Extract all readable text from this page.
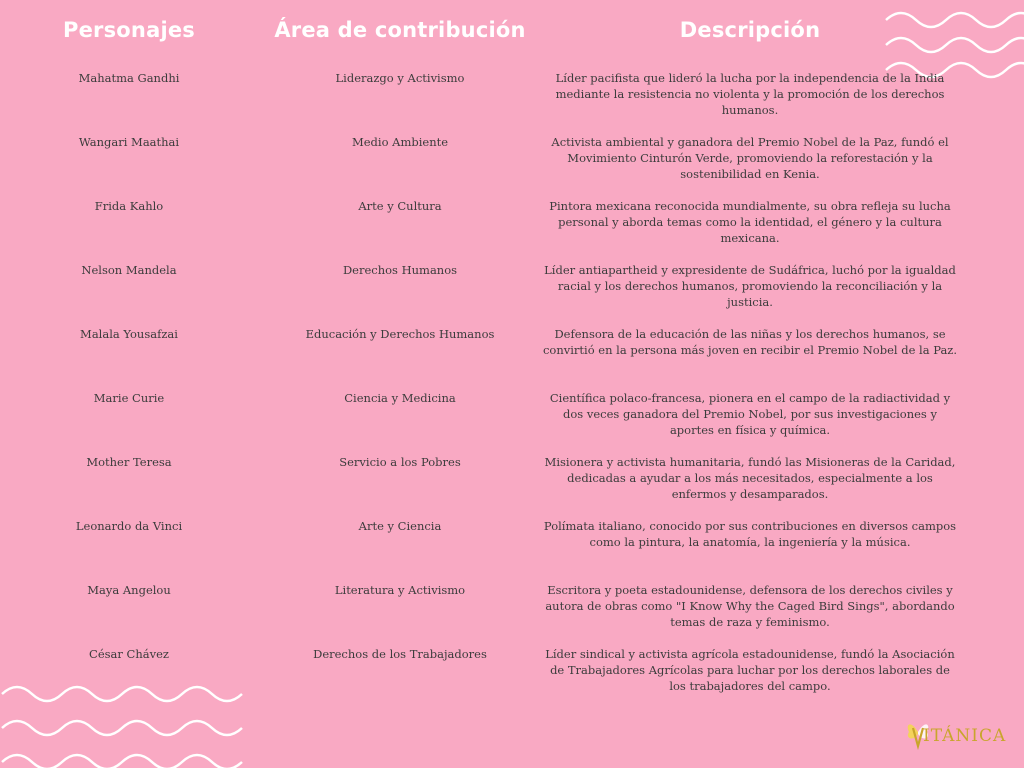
Personajes	Área de contribución	Descripción
Mahatma Gandhi	Liderazgo y Activismo	Líder pacifista que lideró la lucha por la independencia de la India mediante la resistencia no violenta y la promoción de los derechos humanos.
Wangari Maathai	Medio Ambiente	Activista ambiental y ganadora del Premio Nobel de la Paz, fundó el Movimiento Cinturón Verde, promoviendo la reforestación y la sostenibilidad en Kenia.
Frida Kahlo	Arte y Cultura	Pintora mexicana reconocida mundialmente, su obra refleja su lucha personal y aborda temas como la identidad, el género y la cultura mexicana.
Nelson Mandela	Derechos Humanos	Líder antiapartheid y expresidente de Sudáfrica, luchó por la igualdad racial y los derechos humanos, promoviendo la reconciliación y la justicia.
Malala Yousafzai	Educación y Derechos Humanos	Defensora de la educación de las niñas y los derechos humanos, se convirtió en la persona más joven en recibir el Premio Nobel de la Paz.
Marie Curie	Ciencia y Medicina	Científica polaco-francesa, pionera en el campo de la radiactividad y dos veces ganadora del Premio Nobel, por sus investigaciones y aportes en física y química.
Mother Teresa	Servicio a los Pobres	Misionera y activista humanitaria, fundó las Misioneras de la Caridad, dedicadas a ayudar a los más necesitados, especialmente a los enfermos y desamparados.
Leonardo da Vinci	Arte y Ciencia	Polímata italiano, conocido por sus contribuciones en diversos campos como la pintura, la anatomía, la ingeniería y la música.
Maya Angelou	Literatura y Activismo	Escritora y poeta estadounidense, defensora de los derechos civiles y autora de obras como "I Know Why the Caged Bird Sings", abordando temas de raza y feminismo.
César Chávez	Derechos de los Trabajadores	Líder sindical y activista agrícola estadounidense, fundó la Asociación de Trabajadores Agrícolas para luchar por los derechos laborales de los trabajadores del campo.
ITÁNICA
